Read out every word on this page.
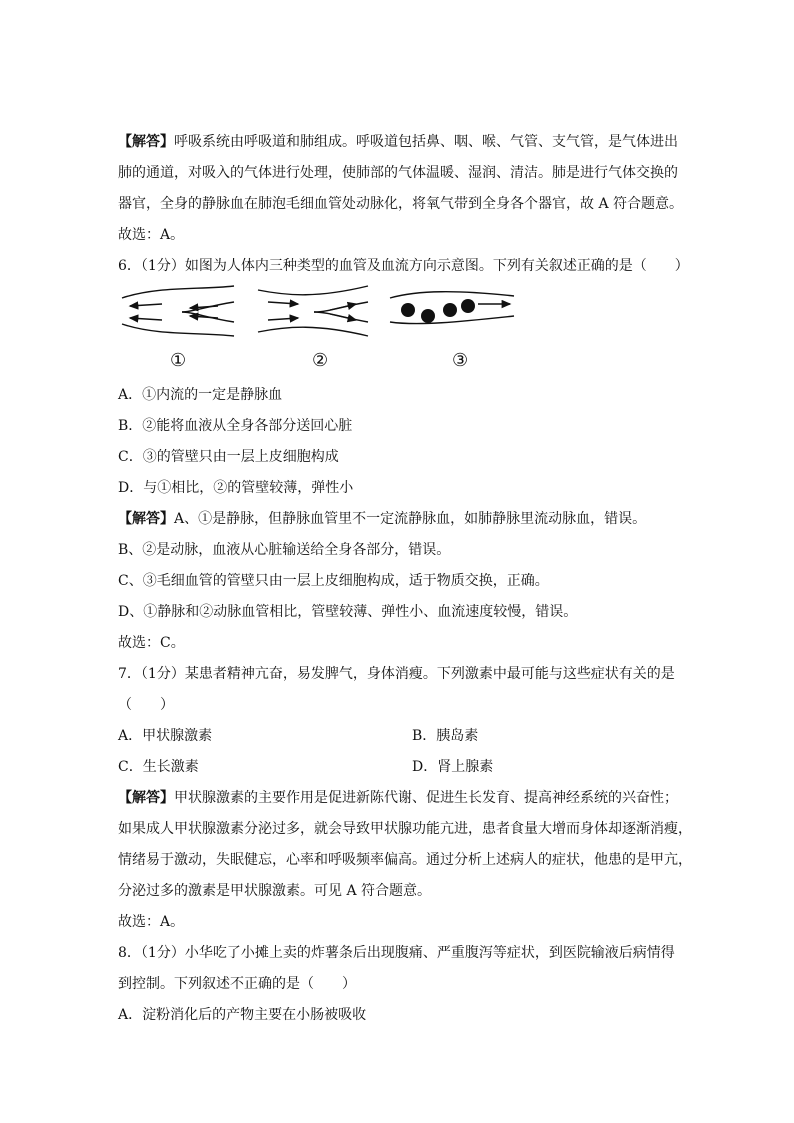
【解答】呼吸系统由呼吸道和肺组成。呼吸道包括鼻、咽、喉、气管、支气管，是气体进出
肺的通道，对吸入的气体进行处理，使肺部的气体温暖、湿润、清洁。肺是进行气体交换的
器官，全身的静脉血在肺泡毛细血管处动脉化，将氧气带到全身各个器官，故 A 符合题意。
故选：A。
6．（1分）如图为人体内三种类型的血管及血流方向示意图。下列有关叙述正确的是（　　）
①	②	③
A．①内流的一定是静脉血
B．②能将血液从全身各部分送回心脏
C．③的管壁只由一层上皮细胞构成
D．与①相比，②的管壁较薄，弹性小
【解答】A、①是静脉，但静脉血管里不一定流静脉血，如肺静脉里流动脉血，错误。
B、②是动脉，血液从心脏输送给全身各部分，错误。
C、③毛细血管的管壁只由一层上皮细胞构成，适于物质交换，正确。
D、①静脉和②动脉血管相比，管壁较薄、弹性小、血流速度较慢，错误。
故选：C。
7．（1分）某患者精神亢奋，易发脾气，身体消瘦。下列激素中最可能与这些症状有关的是
（　　）
A．甲状腺激素	B．胰岛素
C．生长激素	D．肾上腺素
【解答】甲状腺激素的主要作用是促进新陈代谢、促进生长发育、提高神经系统的兴奋性；
如果成人甲状腺激素分泌过多，就会导致甲状腺功能亢进，患者食量大增而身体却逐渐消瘦，
情绪易于激动，失眠健忘，心率和呼吸频率偏高。通过分析上述病人的症状，他患的是甲亢，
分泌过多的激素是甲状腺激素。可见 A 符合题意。
故选：A。
8．（1分）小华吃了小摊上卖的炸薯条后出现腹痛、严重腹泻等症状，到医院输液后病情得
到控制。下列叙述不正确的是（　　）
A．淀粉消化后的产物主要在小肠被吸收
